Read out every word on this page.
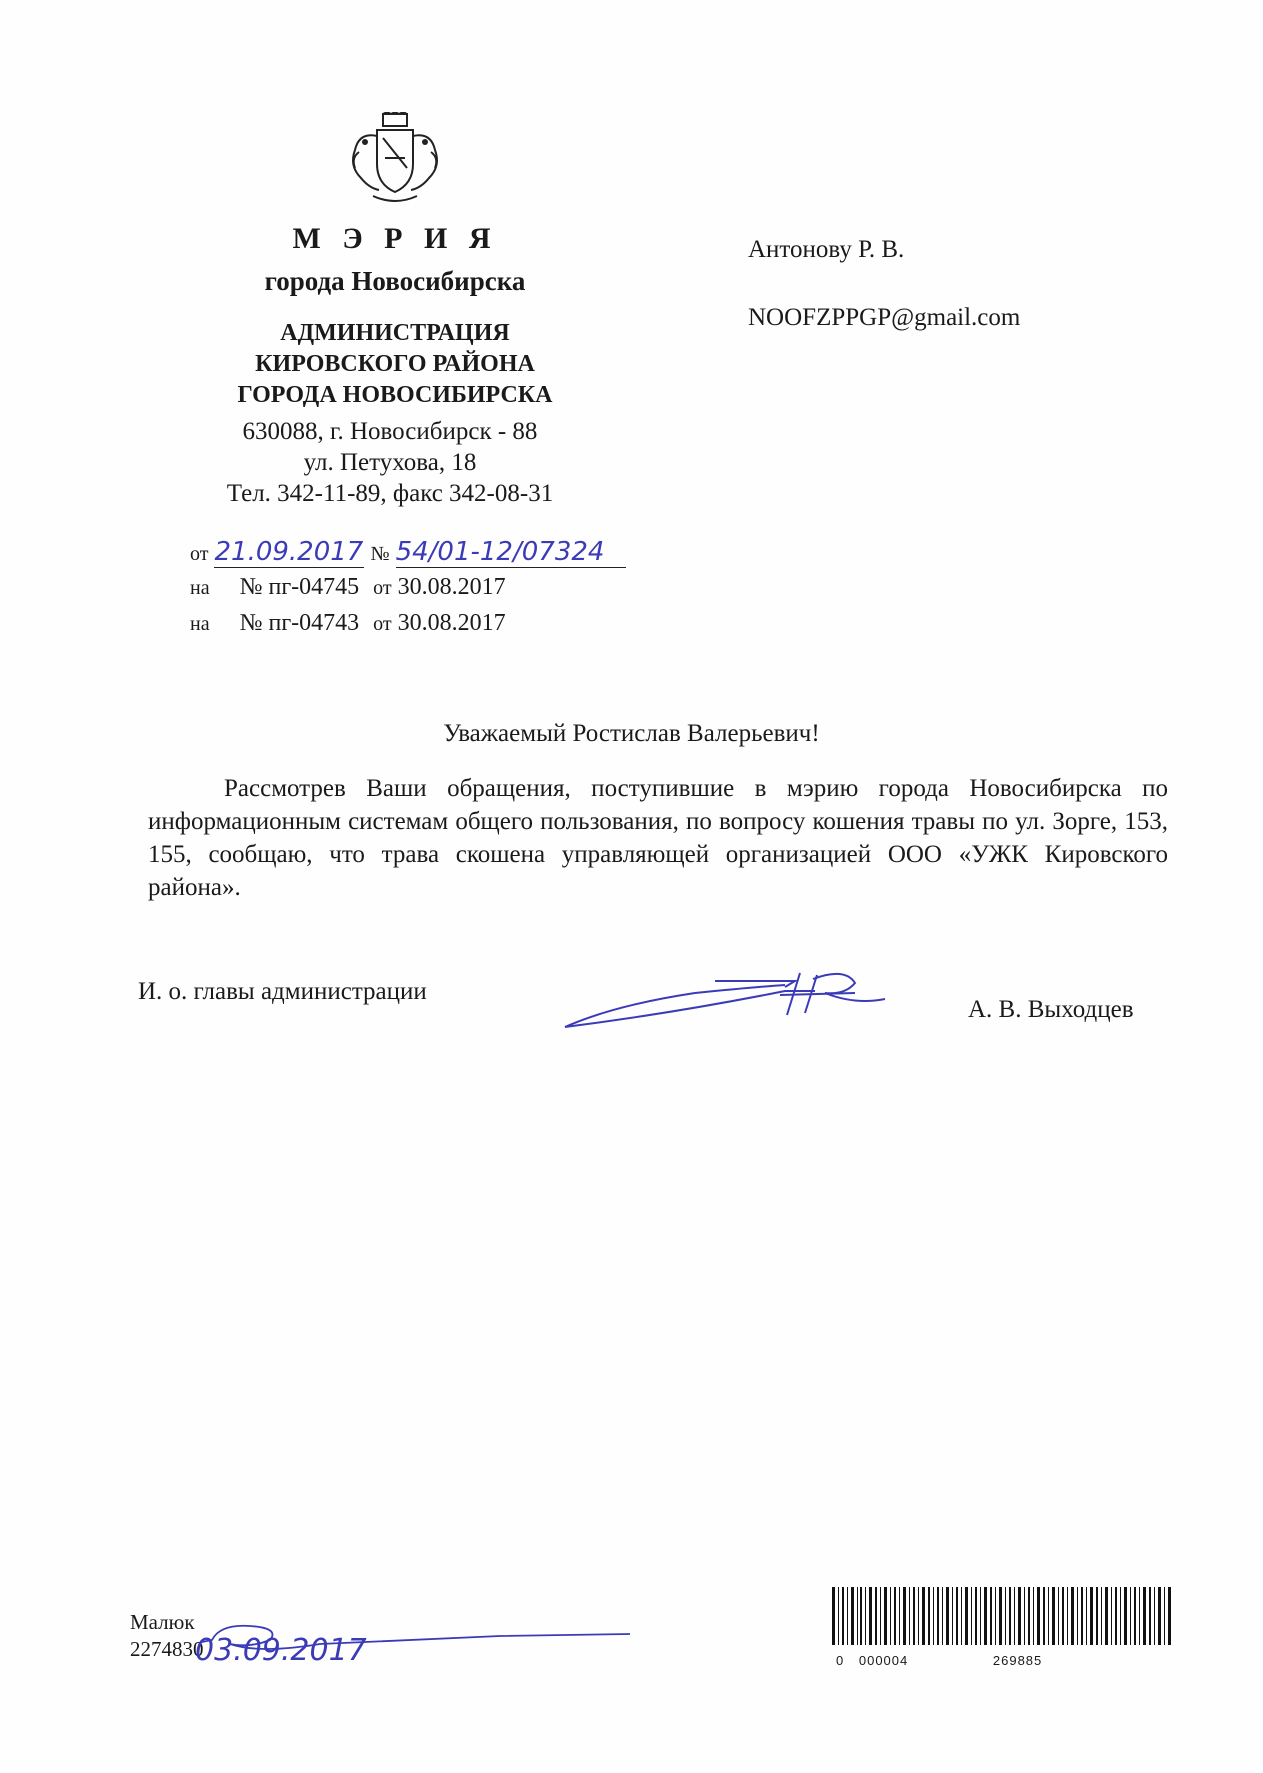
М Э Р И Я
города Новосибирска
АДМИНИСТРАЦИЯ
КИРОВСКОГО РАЙОНА
ГОРОДА НОВОСИБИРСКА
630088, г. Новосибирск - 88
ул. Петухова, 18
Тел. 342-11-89, факс 342-08-31
от 21.09.2017 № 54/01-12/07324
на № пг-04745 от 30.08.2017
на № пг-04743 от 30.08.2017
Антонову Р. В.
NOOFZPPGP@gmail.com
Уважаемый Ростислав Валерьевич!
Рассмотрев Ваши обращения, поступившие в мэрию города Новосибирска по информационным системам общего пользования, по вопросу кошения травы по ул. Зорге, 153, 155, сообщаю, что трава скошена управляющей организацией ООО «УЖК Кировского района».
И. о. главы администрации
А. В. Выходцев
Малюк
2274830
03.09.2017	0 000004	269885
